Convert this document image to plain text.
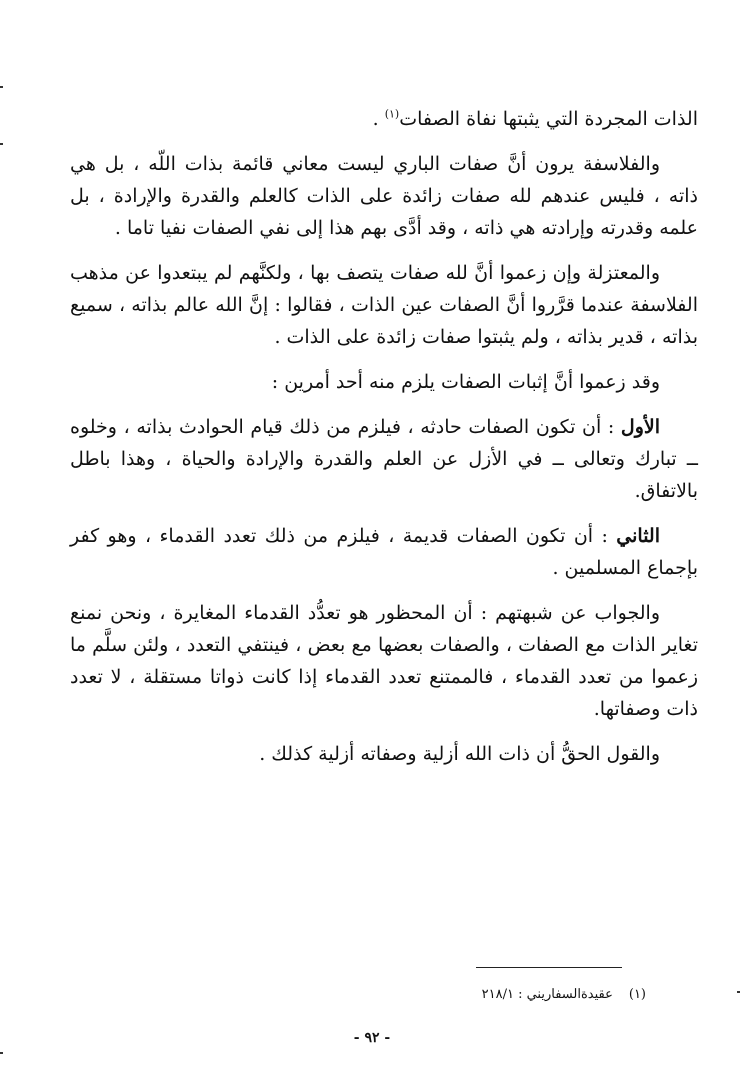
الذات المجردة التي يثبتها نفاة الصفات$^{(١)}$ .

والفلاسفة يرون أنَّ صفات الباري ليست معاني قائمة بذات اللّه ، بل هي ذاته ، فليس عندهم لله صفات زائدة على الذات كالعلم والقدرة والإرادة ، بل علمه وقدرته وإرادته هي ذاته ، وقد أدَّى بهم هذا إلى نفي الصفات نفيا تاما .

والمعتزلة وإن زعموا أنَّ لله صفات يتصف بها ، ولكنَّهم لم يبتعدوا عن مذهب الفلاسفة عندما قرَّروا أنَّ الصفات عين الذات ، فقالوا : إنَّ الله عالم بذاته ، سميع بذاته ، قدير بذاته ، ولم يثبتوا صفات زائدة على الذات .

وقد زعموا أنَّ إثبات الصفات يلزم منه أحد أمرين :

الأول : أن تكون الصفات حادثه ، فيلزم من ذلك قيام الحوادث بذاته ، وخلوه ــ تبارك وتعالى ــ في الأزل عن العلم والقدرة والإرادة والحياة ، وهذا باطل بالاتفاق.

الثاني : أن تكون الصفات قديمة ، فيلزم من ذلك تعدد القدماء ، وهو كفر بإجماع المسلمين .

والجواب عن شبهتهم : أن المحظور هو تعدُّد القدماء المغايرة ، ونحن نمنع تغاير الذات مع الصفات ، والصفات بعضها مع بعض ، فينتفي التعدد ، ولئن سلَّم ما زعموا من تعدد القدماء ، فالممتنع تعدد القدماء إذا كانت ذواتا مستقلة ، لا تعدد ذات وصفاتها.

والقول الحقُّ أن ذات الله أزلية وصفاته أزلية كذلك .

(١)عقيدةالسفاريني : ٢١٨/١
- ٩٢ -
